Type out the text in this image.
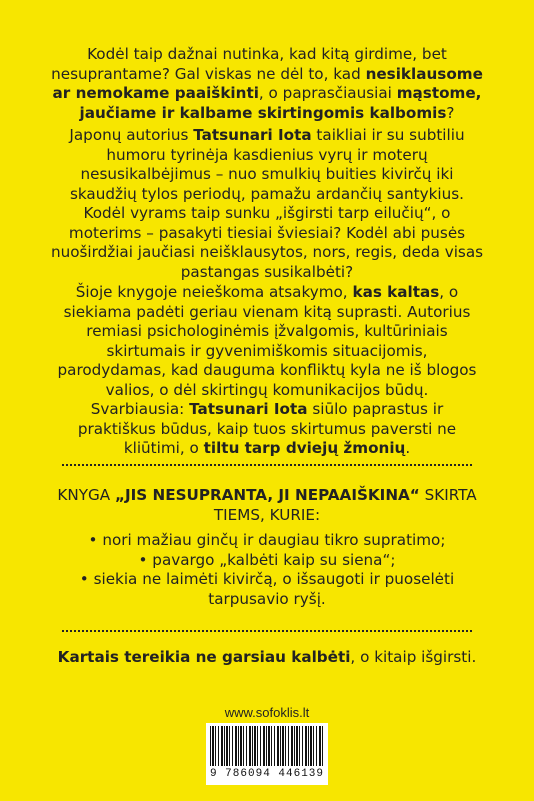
Kodėl taip dažnai nutinka, kad kitą girdime, bet nesuprantame? Gal viskas ne dėl to, kad nesiklausome ar nemokame paaiškinti, o paprasčiausiai mąstome, jaučiame ir kalbame skirtingomis kalbomis?
Japonų autorius Tatsunari Iota taikliai ir su subtiliu humoru tyrinėja kasdienius vyrų ir moterų nesusikalbėjimus – nuo smulkių buities kivirčų iki skaudžių tylos periodų, pamažu ardančių santykius. Kodėl vyrams taip sunku „išgirsti tarp eilučių“, o moterims – pasakyti tiesiai šviesiai? Kodėl abi pusės nuoširdžiai jaučiasi neišklausytos, nors, regis, deda visas pastangas susikalbėti?
Šioje knygoje neieškoma atsakymo, kas kaltas, o siekiama padėti geriau vienam kitą suprasti. Autorius remiasi psichologinėmis įžvalgomis, kultūriniais skirtumais ir gyvenimiškomis situacijomis, parodydamas, kad dauguma konfliktų kyla ne iš blogos valios, o dėl skirtingų komunikacijos būdų.
Svarbiausia: Tatsunari Iota siūlo paprastus ir praktiškus būdus, kaip tuos skirtumus paversti ne kliūtimi, o tiltu tarp dviejų žmonių.
KNYGA „JIS NESUPRANTA, JI NEPAAIŠKINA“ SKIRTA TIEMS, KURIE:
• nori mažiau ginčų ir daugiau tikro supratimo;
• pavargo „kalbėti kaip su siena“;
• siekia ne laimėti kivirčą, o išsaugoti ir puoselėti tarpusavio ryšį.
Kartais tereikia ne garsiau kalbėti, o kitaip išgirsti.
www.sofoklis.lt
9 786094 446139
